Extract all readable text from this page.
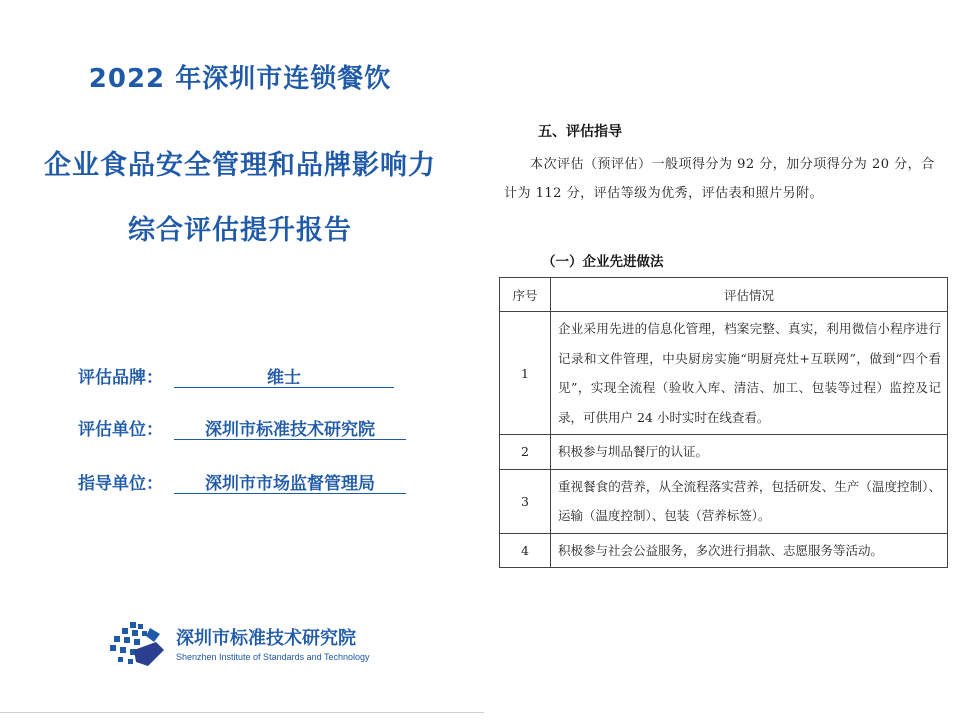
2022 年深圳市连锁餐饮
企业食品安全管理和品牌影响力
综合评估提升报告
评估品牌：	维士
评估单位：	深圳市标准技术研究院
指导单位：	深圳市市场监督管理局
深圳市标准技术研究院
Shenzhen Institute of Standards and Technology
五、评估指导
本次评估（预评估）一般项得分为 92 分，加分项得分为 20 分，合计为 112 分，评估等级为优秀，评估表和照片另附。
（一）企业先进做法
序号	评估情况
1	企业采用先进的信息化管理，档案完整、真实，利用微信小程序进行记录和文件管理，中央厨房实施“明厨亮灶+互联网”，做到“四个看见”，实现全流程（验收入库、清洁、加工、包装等过程）监控及记录，可供用户 24 小时实时在线查看。
2	积极参与圳品餐厅的认证。
3	重视餐食的营养，从全流程落实营养，包括研发、生产（温度控制）、运输（温度控制）、包装（营养标签）。
4	积极参与社会公益服务，多次进行捐款、志愿服务等活动。
